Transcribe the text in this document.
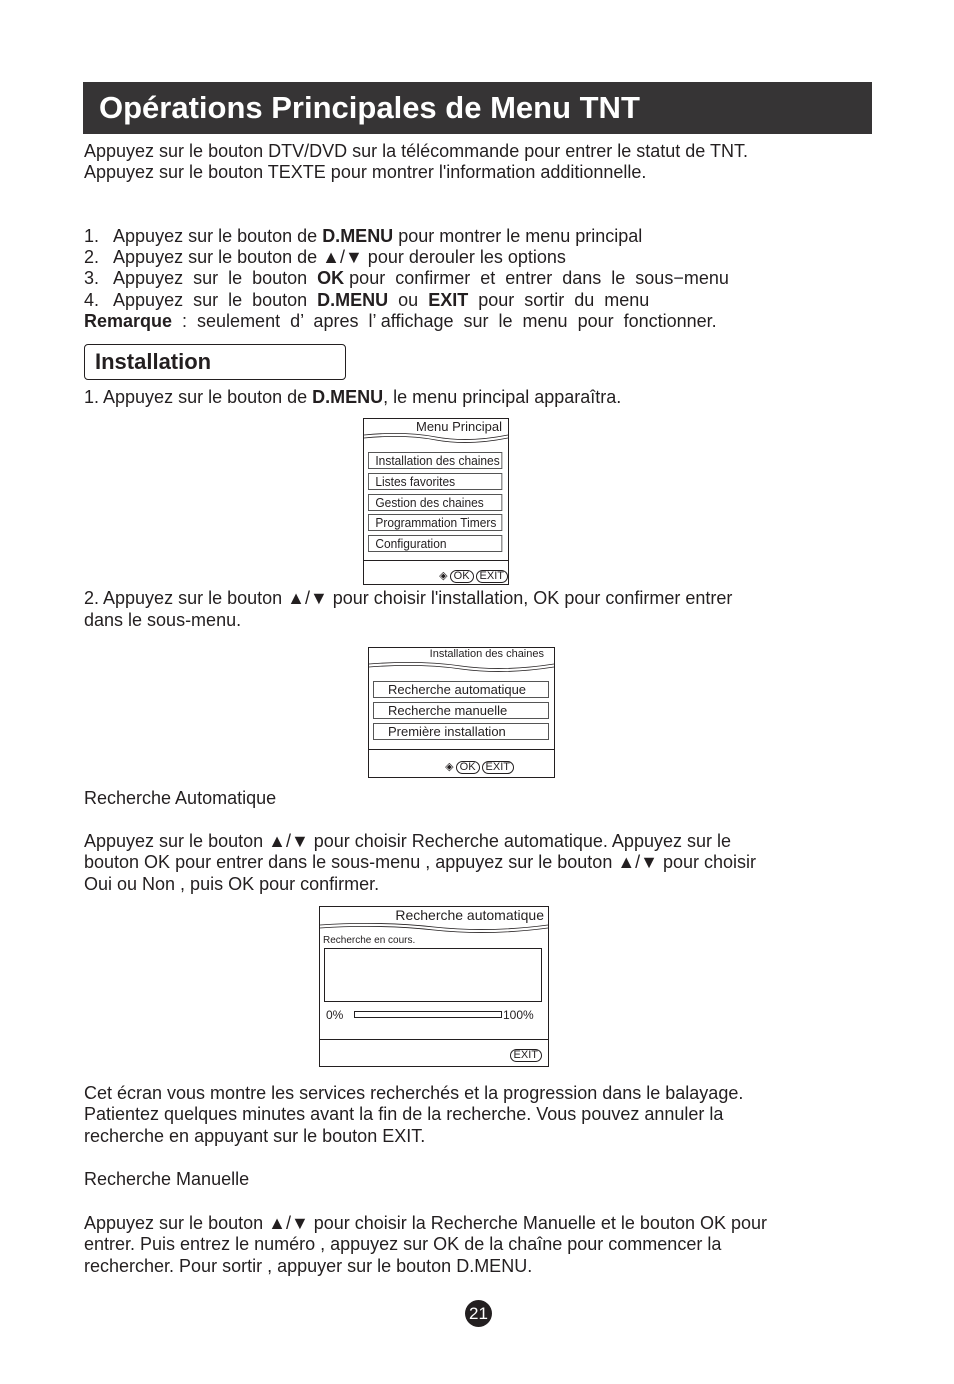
Opérations Principales de Menu TNT
Appuyez sur le bouton DTV/DVD sur la télécommande pour entrer le statut de TNT.
Appuyez sur le bouton TEXTE pour montrer l'information additionnelle.
1. Appuyez sur le bouton de D.MENU pour montrer le menu principal
2. Appuyez sur le bouton de ▲/▼ pour derouler les options
3. Appuyez  sur  le  bouton  OK pour  confirmer  et  entrer  dans  le  sous−menu
4. Appuyez  sur  le  bouton  D.MENU  ou  EXIT  pour  sortir  du  menu
Remarque  :  seulement  d’  apres  l’ affichage  sur  le  menu  pour  fonctionner.
Installation
1. Appuyez sur le bouton de D.MENU, le menu principal apparaîtra.
Menu Principal
Installation des chaines
Listes favorites
Gestion des chaines
Programmation Timers
Configuration
◈ OK EXIT
2. Appuyez sur le bouton ▲/▼ pour choisir l'installation, OK pour confirmer entrer
dans le sous-menu.
Installation des chaines
Recherche automatique
Recherche manuelle
Première installation
◈ OK EXIT
Recherche Automatique
Appuyez sur le bouton ▲/▼ pour choisir Recherche automatique. Appuyez sur le
bouton OK pour entrer dans le sous-menu , appuyez sur le bouton ▲/▼ pour choisir
Oui ou Non , puis OK pour confirmer.
Recherche automatique
Recherche en cours.
0%	100%
EXIT
Cet écran vous montre les services recherchés et la progression dans le balayage.
Patientez quelques minutes avant la fin de la recherche. Vous pouvez annuler la
recherche en appuyant sur le bouton EXIT.
Recherche Manuelle
Appuyez sur le bouton ▲/▼ pour choisir la Recherche Manuelle et le bouton OK pour
entrer. Puis entrez le numéro , appuyez sur OK de la chaîne pour commencer la
rechercher. Pour sortir , appuyer sur le bouton D.MENU.
21
